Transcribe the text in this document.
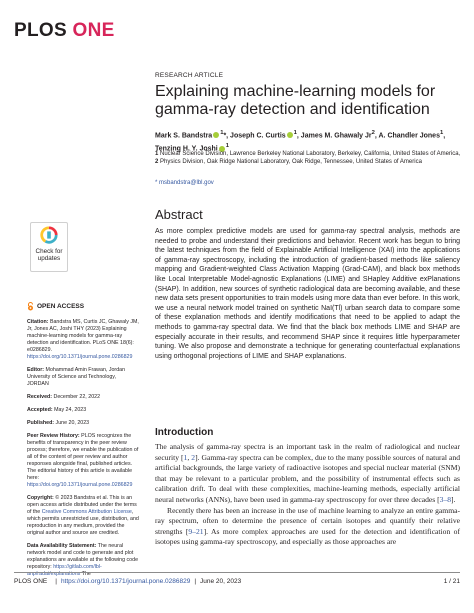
PLOS ONE
RESEARCH ARTICLE
Explaining machine-learning models for gamma-ray detection and identification
Mark S. Bandstra $^1$*, Joseph C. Curtis $^1$, James M. Ghawaly Jr$^2$, A. Chandler Jones$^1$, Tenzing H. Y. Joshi $^1$
1 Nuclear Science Division, Lawrence Berkeley National Laboratory, Berkeley, California, United States of America, 2 Physics Division, Oak Ridge National Laboratory, Oak Ridge, Tennessee, United States of America
* msbandstra@lbl.gov
Abstract
As more complex predictive models are used for gamma-ray spectral analysis, methods are needed to probe and understand their predictions and behavior. Recent work has begun to bring the latest techniques from the field of Explainable Artificial Intelligence (XAI) into the applications of gamma-ray spectroscopy, including the introduction of gradient-based methods like saliency mapping and Gradient-weighted Class Activation Mapping (Grad-CAM), and black box methods like Local Interpretable Model-agnostic Explanations (LIME) and SHapley Additive exPlanations (SHAP). In addition, new sources of synthetic radiological data are becoming available, and these new data sets present opportunities to train models using more data than ever before. In this work, we use a neural network model trained on synthetic NaI(Tl) urban search data to compare some of these explanation methods and identify modifications that need to be applied to adapt the methods to gamma-ray spectral data. We find that the black box methods LIME and SHAP are especially accurate in their results, and recommend SHAP since it requires little hyperparameter tuning. We also propose and demonstrate a technique for generating counterfactual explanations using orthogonal projections of LIME and SHAP explanations.
Introduction

The analysis of gamma-ray spectra is an important task in the realm of radiological and nuclear security [1, 2]. Gamma-ray spectra can be complex, due to the many possible sources of natural and artificial backgrounds, the large variety of radioactive isotopes and special nuclear material (SNM) that may be relevant to a particular problem, and the possibility of instrumental effects such as calibration drift. To deal with these complexities, machine-learning methods, especially artificial neural networks (ANNs), have been used in gamma-ray spectroscopy for over three decades [3–8].

Recently there has been an increase in the use of machine learning to analyze an entire gamma-ray spectrum, often to determine the presence of certain isotopes and quantify their relative strengths [9–21]. As more complex approaches are used for the detection and identification of isotopes using gamma-ray spectroscopy, and especially as those approaches are

Check for
updates

OPEN ACCESS

Citation: Bandstra MS, Curtis JC, Ghawaly JM, Jr, Jones AC, Joshi THY (2023) Explaining machine-learning models for gamma-ray detection and identification. PLoS ONE 18(6): e0286829. https://doi.org/10.1371/journal.pone.0286829

Editor: Mohammad Amin Frawan, Jordan University of Science and Technology, JORDAN

Received: December 22, 2022

Accepted: May 24, 2023

Published: June 20, 2023

Peer Review History: PLOS recognizes the benefits of transparency in the peer review process; therefore, we enable the publication of all of the content of peer review and author responses alongside final, published articles. The editorial history of this article is available here: https://doi.org/10.1371/journal.pone.0286829

Copyright: © 2023 Bandstra et al. This is an open access article distributed under the terms of the Creative Commons Attribution License, which permits unrestricted use, distribution, and reproduction in any medium, provided the original author and source are credited.

Data Availability Statement: The neural network model and code to generate and plot explanations are available at the following code repository: https://gitlab.com/lbl-anp/radai/explanations The

PLOS ONE | https://doi.org/10.1371/journal.pone.0286829 | June 20, 2023	1 / 21
